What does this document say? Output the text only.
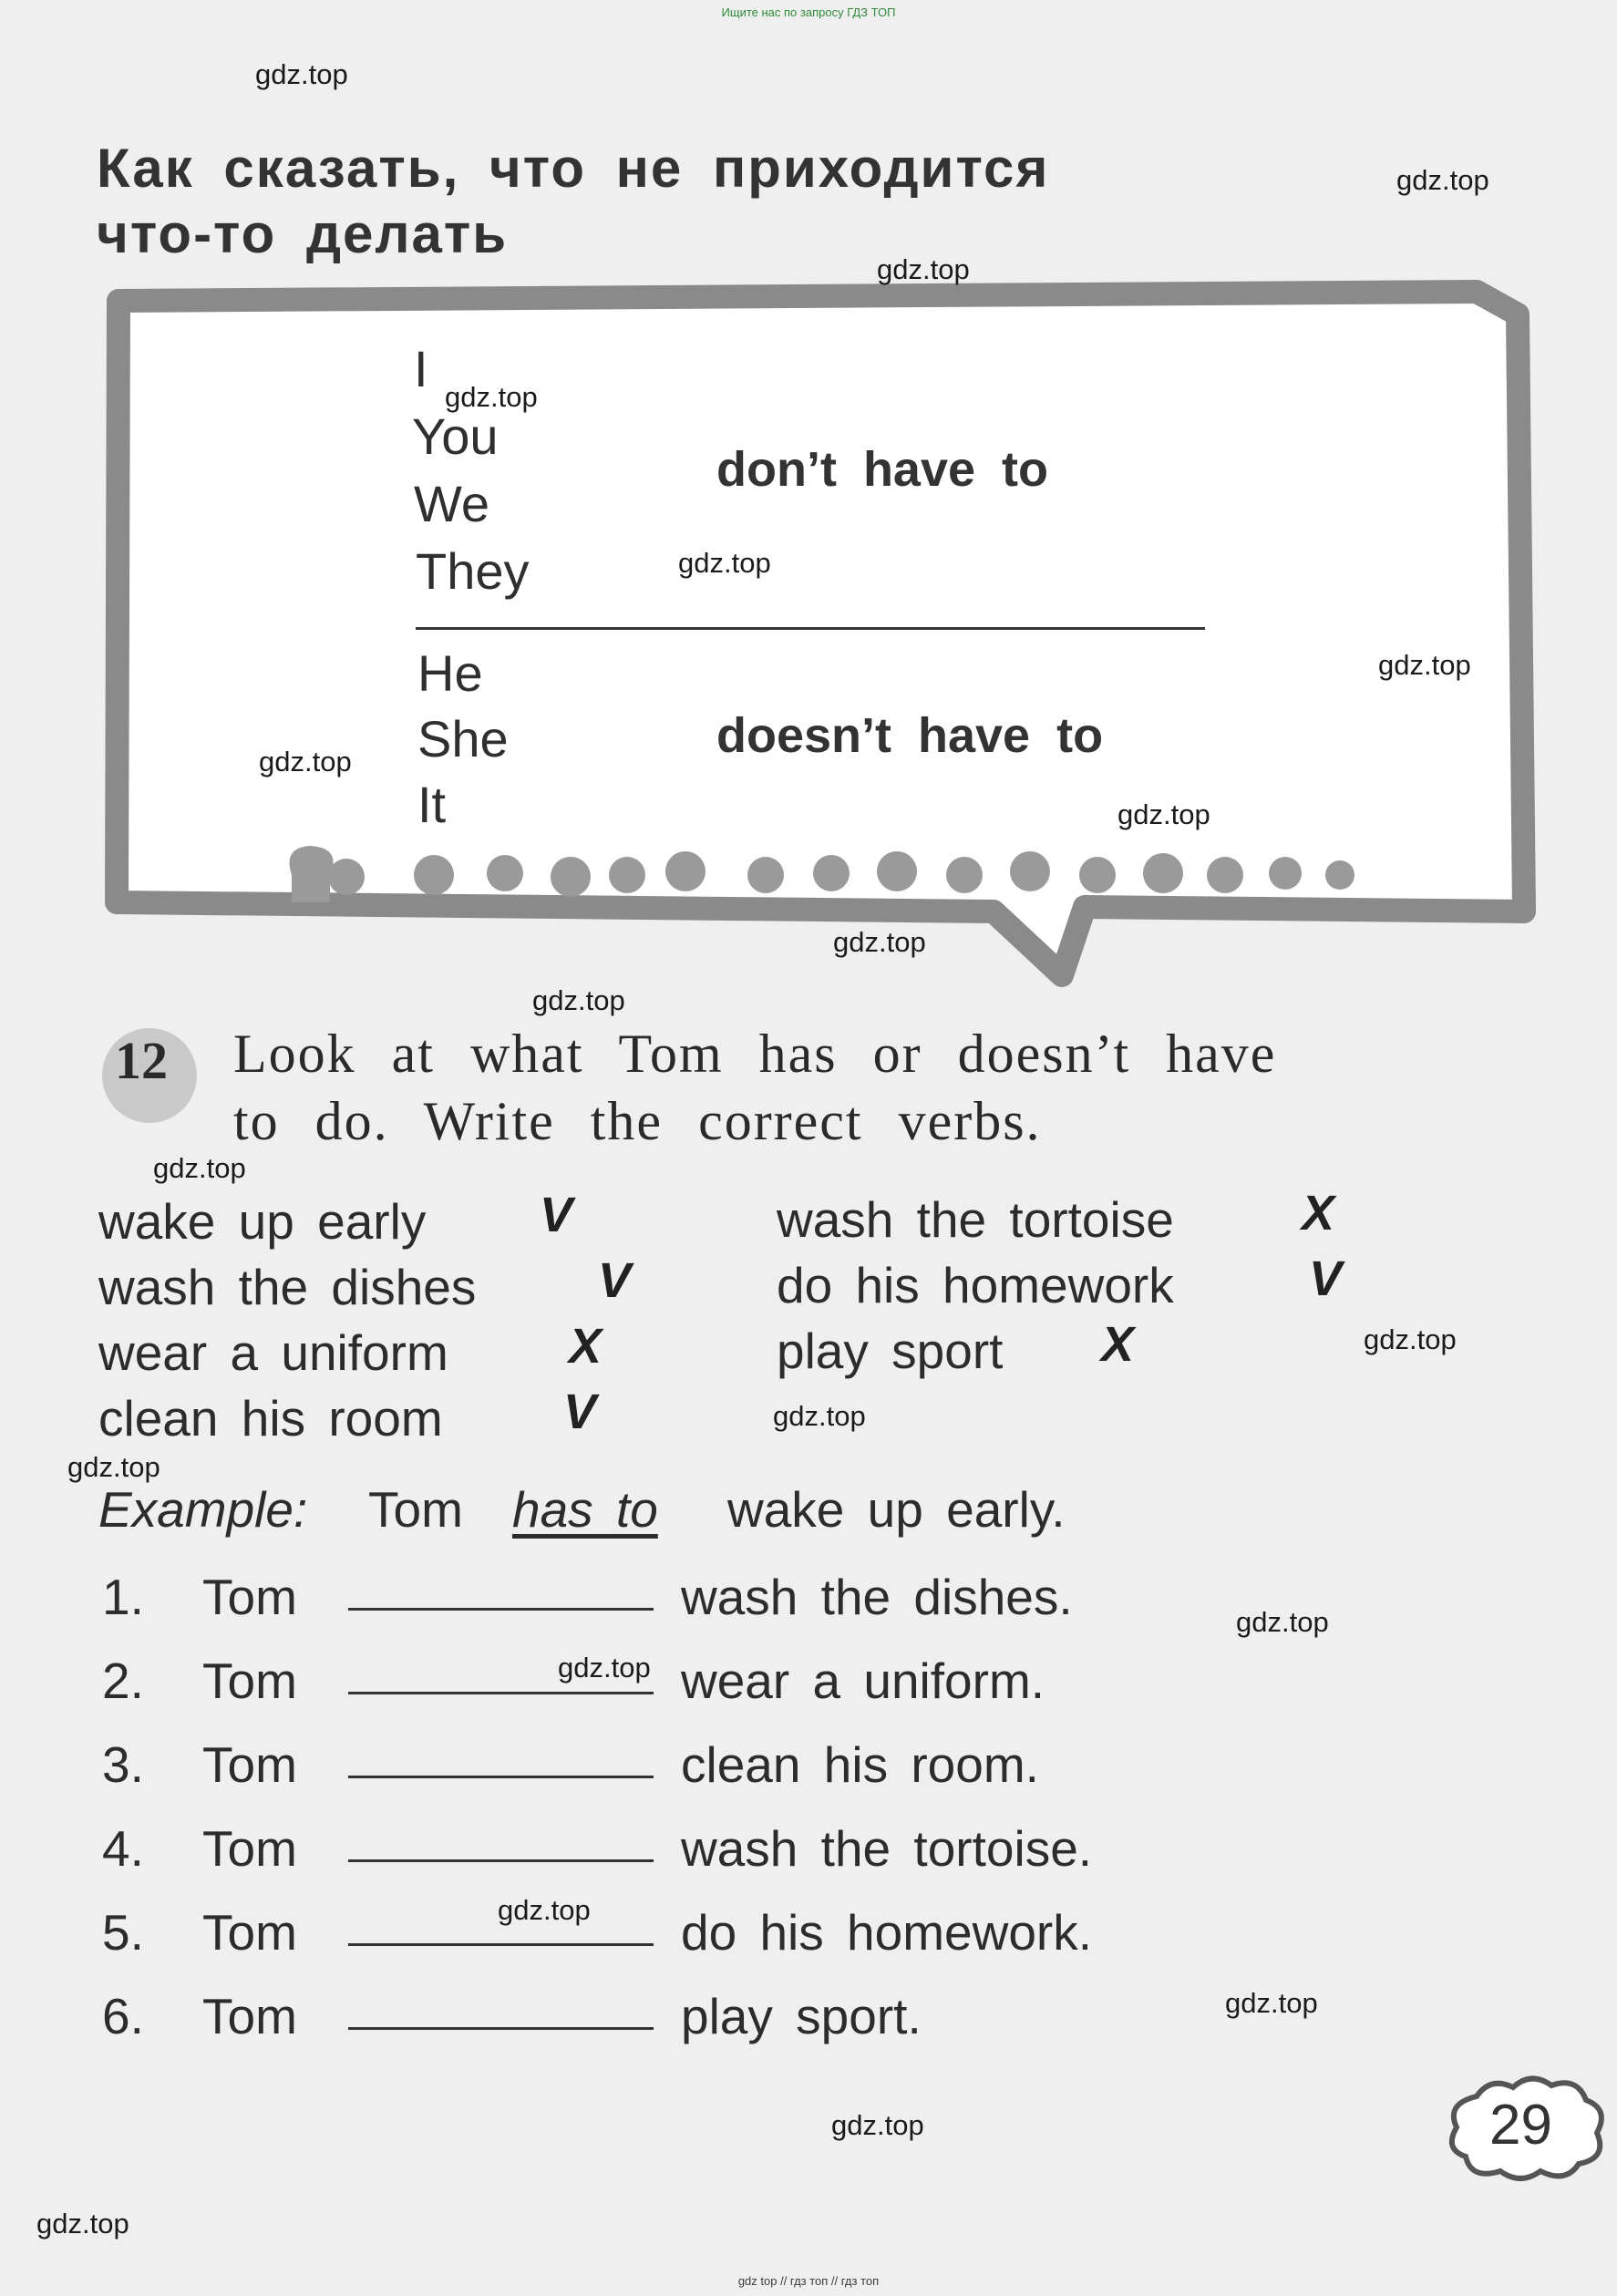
Ищите нас по запросу ГДЗ ТОП
Как сказать, что не приходится
что-то делать
I
You
We
They
don’t have to
He
She
It
doesn’t have to
12 Look at what Tom has or doesn’t have
to do. Write the correct verbs.
wake up early V
wash the dishes V
wear a uniform X
clean his room V
wash the tortoise	X
do his homework	V
play sport X
Example: Tom has to wake up early.
1. Tom	wash the dishes.
2. Tom	wear a uniform.
3. Tom	clean his room.
4. Tom	wash the tortoise.
5. Tom	do his homework.
6. Tom	play sport.
29
gdz.top
gdz.top
gdz.top
gdz.top
gdz.top
gdz.top
gdz.top
gdz.top
gdz.top
gdz.top
gdz.top
gdz.top
gdz.top
gdz.top
gdz.top
gdz.top
gdz.top
gdz.top
gdz.top
gdz.top
gdz top // гдз топ // гдз топ
